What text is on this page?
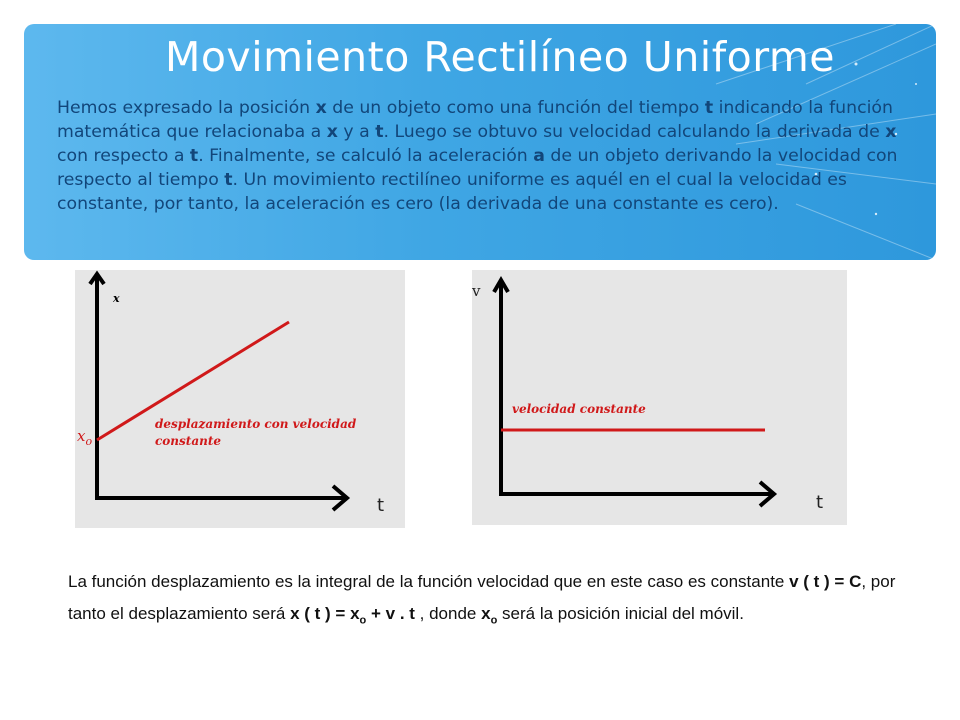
Movimiento Rectilíneo Uniforme

Hemos expresado la posición x de un objeto como una función del tiempo t indicando la función matemática que relacionaba a x y a t. Luego se obtuvo su velocidad calculando la derivada de x con respecto a t. Finalmente, se calculó la aceleración a de un objeto derivando la velocidad con respecto al tiempo t. Un movimiento rectilíneo uniforme es aquél en el cual la velocidad es constante, por tanto, la aceleración es cero (la derivada de una constante es cero).

x
t
$x_o$
desplazamiento con velocidad
constante
v
t
velocidad constante
La función desplazamiento es la integral de la función velocidad que en este caso es constante v ( t ) = C, por tanto el desplazamiento será x ( t ) = $x_o + v$ . t , donde $x_o$ será la posición inicial del móvil.
